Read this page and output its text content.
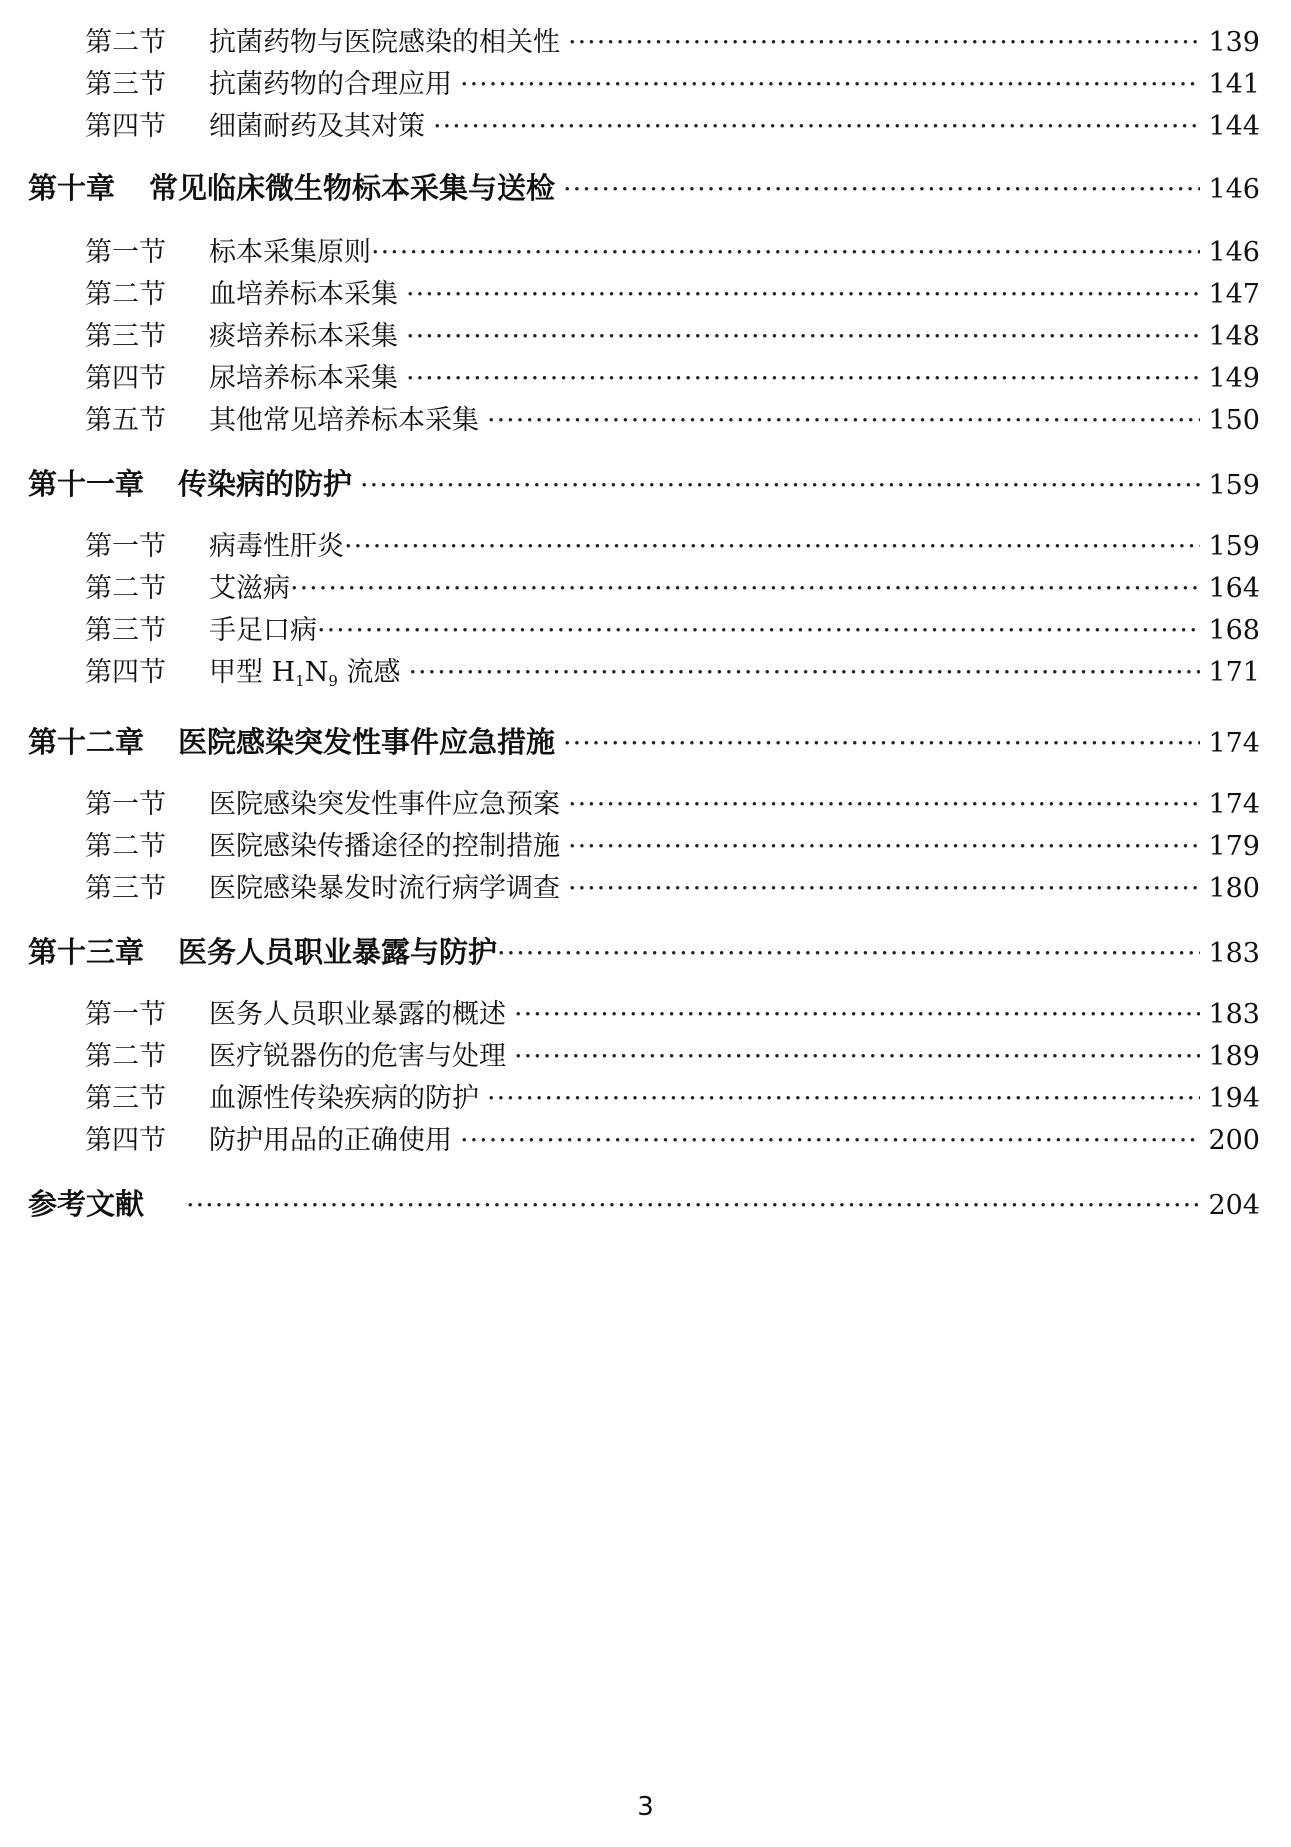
第二节	抗菌药物与医院感染的相关性 ·····	139
第三节	抗菌药物的合理应用 ·····	141
第四节	细菌耐药及其对策 ·····	144
第十章 常见临床微生物标本采集与送检 ·····	146
第一节	标本采集原则 ·····	146
第二节	血培养标本采集 ·····	147
第三节	痰培养标本采集 ·····	148
第四节	尿培养标本采集 ·····	149
第五节	其他常见培养标本采集 ·····	150
第十一章 传染病的防护 ·····	159
第一节	病毒性肝炎 ·····	159
第二节	艾滋病 ·····	164
第三节	手足口病 ·····	168
第四节	甲型 $H_1N_9$ 流感 ·····	171
第十二章 医院感染突发性事件应急措施 ·····	174
第一节	医院感染突发性事件应急预案 ·····	174
第二节	医院感染传播途径的控制措施 ·····	179
第三节	医院感染暴发时流行病学调查 ·····	180
第十三章 医务人员职业暴露与防护 ·····	183
第一节	医务人员职业暴露的概述 ·····	183
第二节	医疗锐器伤的危害与处理 ·····	189
第三节	血源性传染疾病的防护 ·····	194
第四节	防护用品的正确使用 ·····	200
参考文献 ·····	204
3
